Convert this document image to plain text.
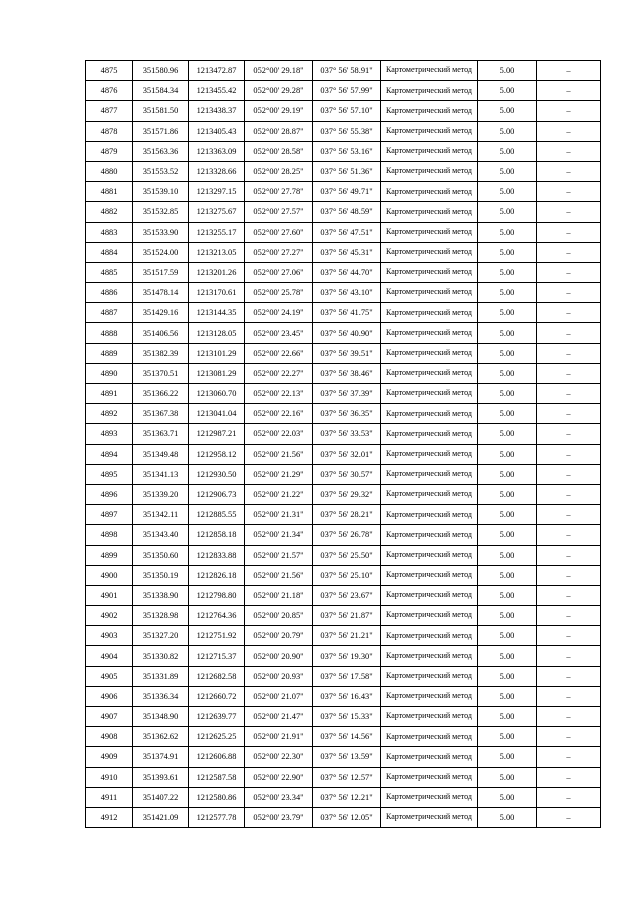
4875	351580.96	1213472.87	052°00' 29.18"	037° 56' 58.91"	Картометрический метод	5.00	–
4876	351584.34	1213455.42	052°00' 29.28"	037° 56' 57.99"	Картометрический метод	5.00	–
4877	351581.50	1213438.37	052°00' 29.19"	037° 56' 57.10"	Картометрический метод	5.00	–
4878	351571.86	1213405.43	052°00' 28.87"	037° 56' 55.38"	Картометрический метод	5.00	–
4879	351563.36	1213363.09	052°00' 28.58"	037° 56' 53.16"	Картометрический метод	5.00	–
4880	351553.52	1213328.66	052°00' 28.25"	037° 56' 51.36"	Картометрический метод	5.00	–
4881	351539.10	1213297.15	052°00' 27.78"	037° 56' 49.71"	Картометрический метод	5.00	–
4882	351532.85	1213275.67	052°00' 27.57"	037° 56' 48.59"	Картометрический метод	5.00	–
4883	351533.90	1213255.17	052°00' 27.60"	037° 56' 47.51"	Картометрический метод	5.00	–
4884	351524.00	1213213.05	052°00' 27.27"	037° 56' 45.31"	Картометрический метод	5.00	–
4885	351517.59	1213201.26	052°00' 27.06"	037° 56' 44.70"	Картометрический метод	5.00	–
4886	351478.14	1213170.61	052°00' 25.78"	037° 56' 43.10"	Картометрический метод	5.00	–
4887	351429.16	1213144.35	052°00' 24.19"	037° 56' 41.75"	Картометрический метод	5.00	–
4888	351406.56	1213128.05	052°00' 23.45"	037° 56' 40.90"	Картометрический метод	5.00	–
4889	351382.39	1213101.29	052°00' 22.66"	037° 56' 39.51"	Картометрический метод	5.00	–
4890	351370.51	1213081.29	052°00' 22.27"	037° 56' 38.46"	Картометрический метод	5.00	–
4891	351366.22	1213060.70	052°00' 22.13"	037° 56' 37.39"	Картометрический метод	5.00	–
4892	351367.38	1213041.04	052°00' 22.16"	037° 56' 36.35"	Картометрический метод	5.00	–
4893	351363.71	1212987.21	052°00' 22.03"	037° 56' 33.53"	Картометрический метод	5.00	–
4894	351349.48	1212958.12	052°00' 21.56"	037° 56' 32.01"	Картометрический метод	5.00	–
4895	351341.13	1212930.50	052°00' 21.29"	037° 56' 30.57"	Картометрический метод	5.00	–
4896	351339.20	1212906.73	052°00' 21.22"	037° 56' 29.32"	Картометрический метод	5.00	–
4897	351342.11	1212885.55	052°00' 21.31"	037° 56' 28.21"	Картометрический метод	5.00	–
4898	351343.40	1212858.18	052°00' 21.34"	037° 56' 26.78"	Картометрический метод	5.00	–
4899	351350.60	1212833.88	052°00' 21.57"	037° 56' 25.50"	Картометрический метод	5.00	–
4900	351350.19	1212826.18	052°00' 21.56"	037° 56' 25.10"	Картометрический метод	5.00	–
4901	351338.90	1212798.80	052°00' 21.18"	037° 56' 23.67"	Картометрический метод	5.00	–
4902	351328.98	1212764.36	052°00' 20.85"	037° 56' 21.87"	Картометрический метод	5.00	–
4903	351327.20	1212751.92	052°00' 20.79"	037° 56' 21.21"	Картометрический метод	5.00	–
4904	351330.82	1212715.37	052°00' 20.90"	037° 56' 19.30"	Картометрический метод	5.00	–
4905	351331.89	1212682.58	052°00' 20.93"	037° 56' 17.58"	Картометрический метод	5.00	–
4906	351336.34	1212660.72	052°00' 21.07"	037° 56' 16.43"	Картометрический метод	5.00	–
4907	351348.90	1212639.77	052°00' 21.47"	037° 56' 15.33"	Картометрический метод	5.00	–
4908	351362.62	1212625.25	052°00' 21.91"	037° 56' 14.56"	Картометрический метод	5.00	–
4909	351374.91	1212606.88	052°00' 22.30"	037° 56' 13.59"	Картометрический метод	5.00	–
4910	351393.61	1212587.58	052°00' 22.90"	037° 56' 12.57"	Картометрический метод	5.00	–
4911	351407.22	1212580.86	052°00' 23.34"	037° 56' 12.21"	Картометрический метод	5.00	–
4912	351421.09	1212577.78	052°00' 23.79"	037° 56' 12.05"	Картометрический метод	5.00	–
